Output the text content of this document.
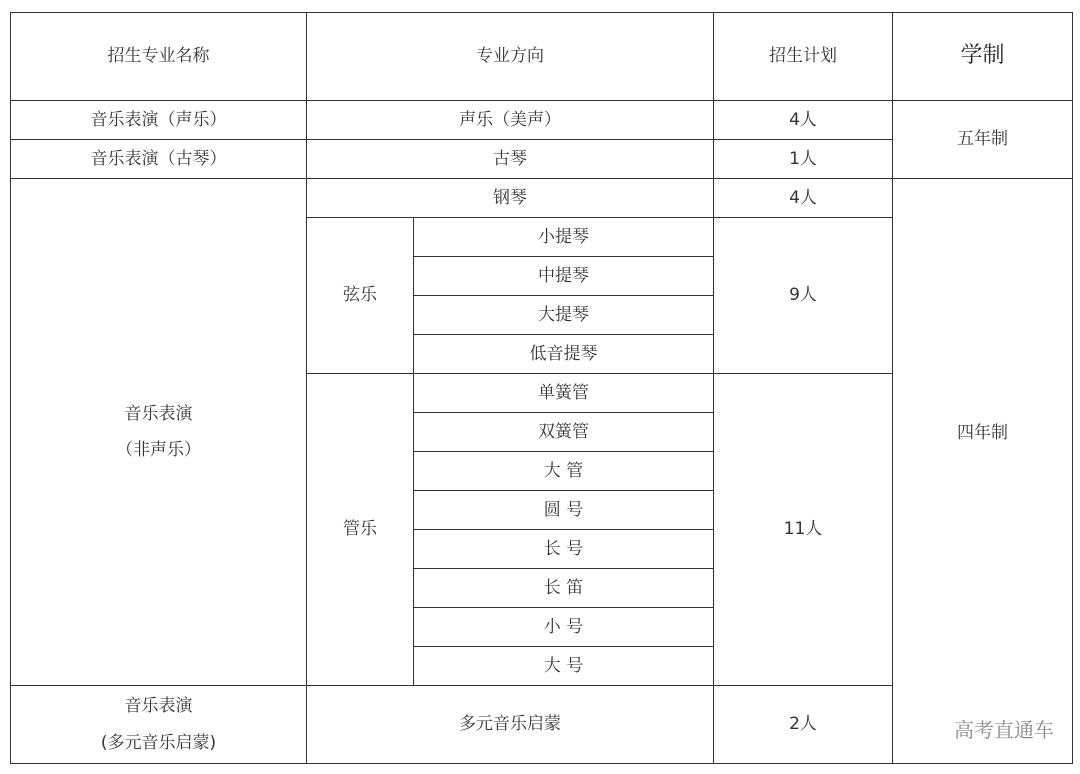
招生专业名称	专业方向		招生计划	学制
音乐表演（声乐）	声乐（美声）		4人	五年制
音乐表演（古琴）	古琴		1人	

音乐表演
（非声乐）	钢琴		4人	四年制
高考直通车

	弦乐	小提琴	9人	
		中提琴		
		大提琴		
		低音提琴		
	管乐	单簧管	11人	
		双簧管		
		大 管		
		圆 号		
		长 号		
		长 笛		
		小 号		
		大 号		

音乐表演
(多元音乐启蒙)	多元音乐启蒙		2人	
